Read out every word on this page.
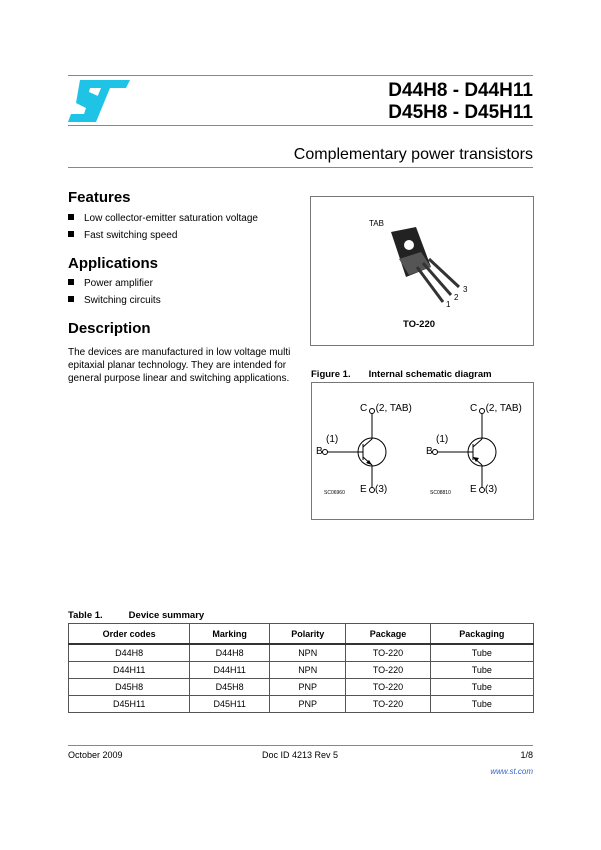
D44H8 - D44H11
D45H8 - D45H11
Complementary power transistors
Features
Low collector-emitter saturation voltage
Fast switching speed
Applications
Power amplifier
Switching circuits
Description
The devices are manufactured in low voltage multi epitaxial planar technology. They are intended for general purpose linear and switching applications.
TAB
1
2
3
TO-220
Figure 1. Internal schematic diagram
C (2, TAB)
(1)
B
E (3)
SC06960
C (2, TAB)
(1)
B
E (3)
SC08810
Table 1.	Device summary
Order codes	Marking	Polarity	Package	Packaging
D44H8	D44H8	NPN	TO-220	Tube
D44H11	D44H11	NPN	TO-220	Tube
D45H8	D45H8	PNP	TO-220	Tube
D45H11	D45H11	PNP	TO-220	Tube
October 2009	Doc ID 4213 Rev 5	1/8
www.st.com
